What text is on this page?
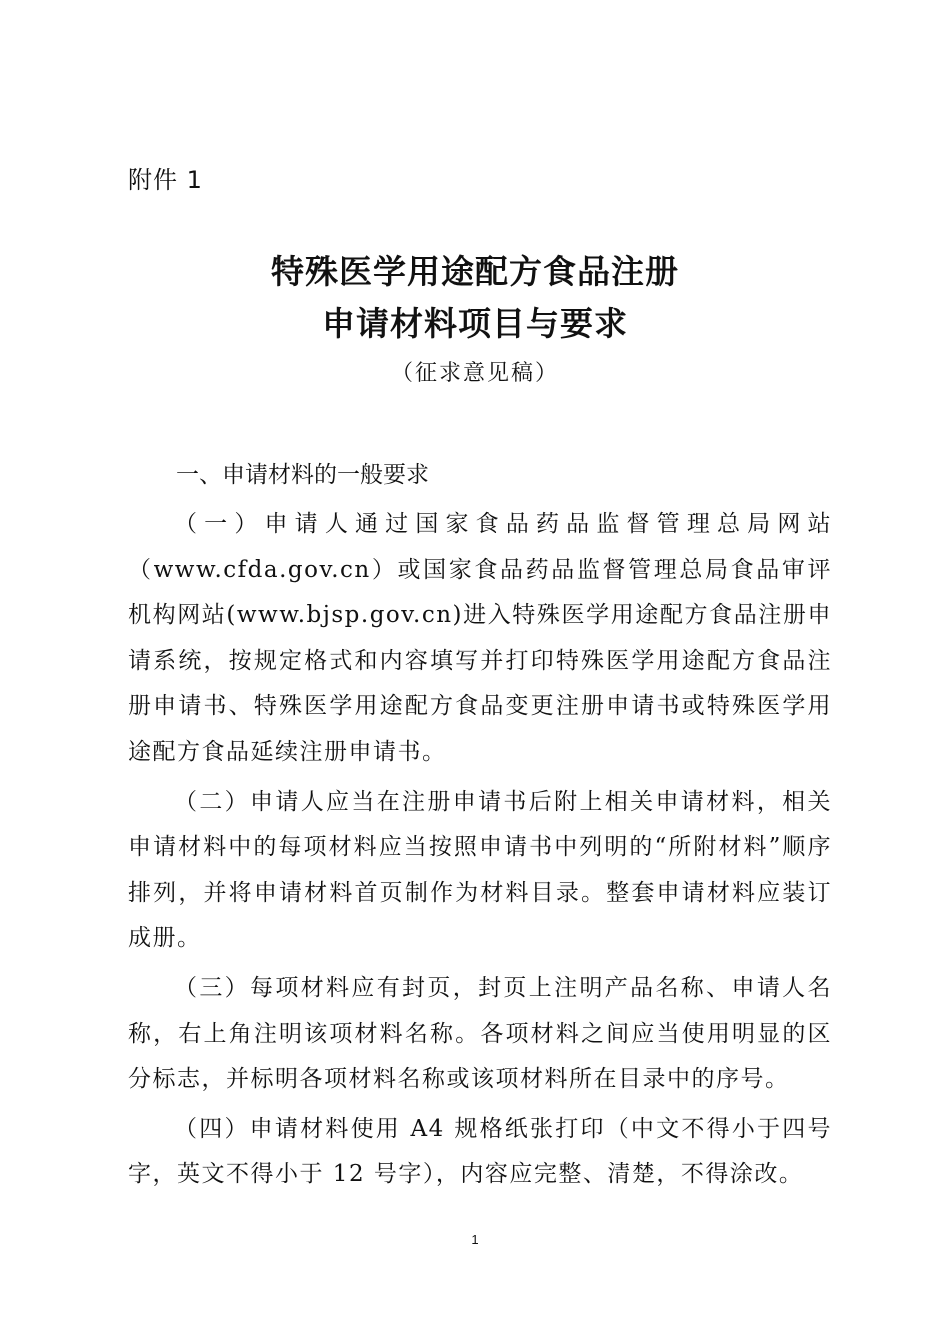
附件 1
特殊医学用途配方食品注册
申请材料项目与要求
（征求意见稿）
一、申请材料的一般要求

（一）申请人通过国家食品药品监督管理总局网站（www.cfda.gov.cn）或国家食品药品监督管理总局食品审评机构网站(www.bjsp.gov.cn)进入特殊医学用途配方食品注册申请系统，按规定格式和内容填写并打印特殊医学用途配方食品注册申请书、特殊医学用途配方食品变更注册申请书或特殊医学用途配方食品延续注册申请书。

（二）申请人应当在注册申请书后附上相关申请材料，相关申请材料中的每项材料应当按照申请书中列明的“所附材料”顺序排列，并将申请材料首页制作为材料目录。整套申请材料应装订成册。

（三）每项材料应有封页，封页上注明产品名称、申请人名称，右上角注明该项材料名称。各项材料之间应当使用明显的区分标志，并标明各项材料名称或该项材料所在目录中的序号。

（四）申请材料使用 A4 规格纸张打印（中文不得小于四号字，英文不得小于 12 号字），内容应完整、清楚，不得涂改。

1
